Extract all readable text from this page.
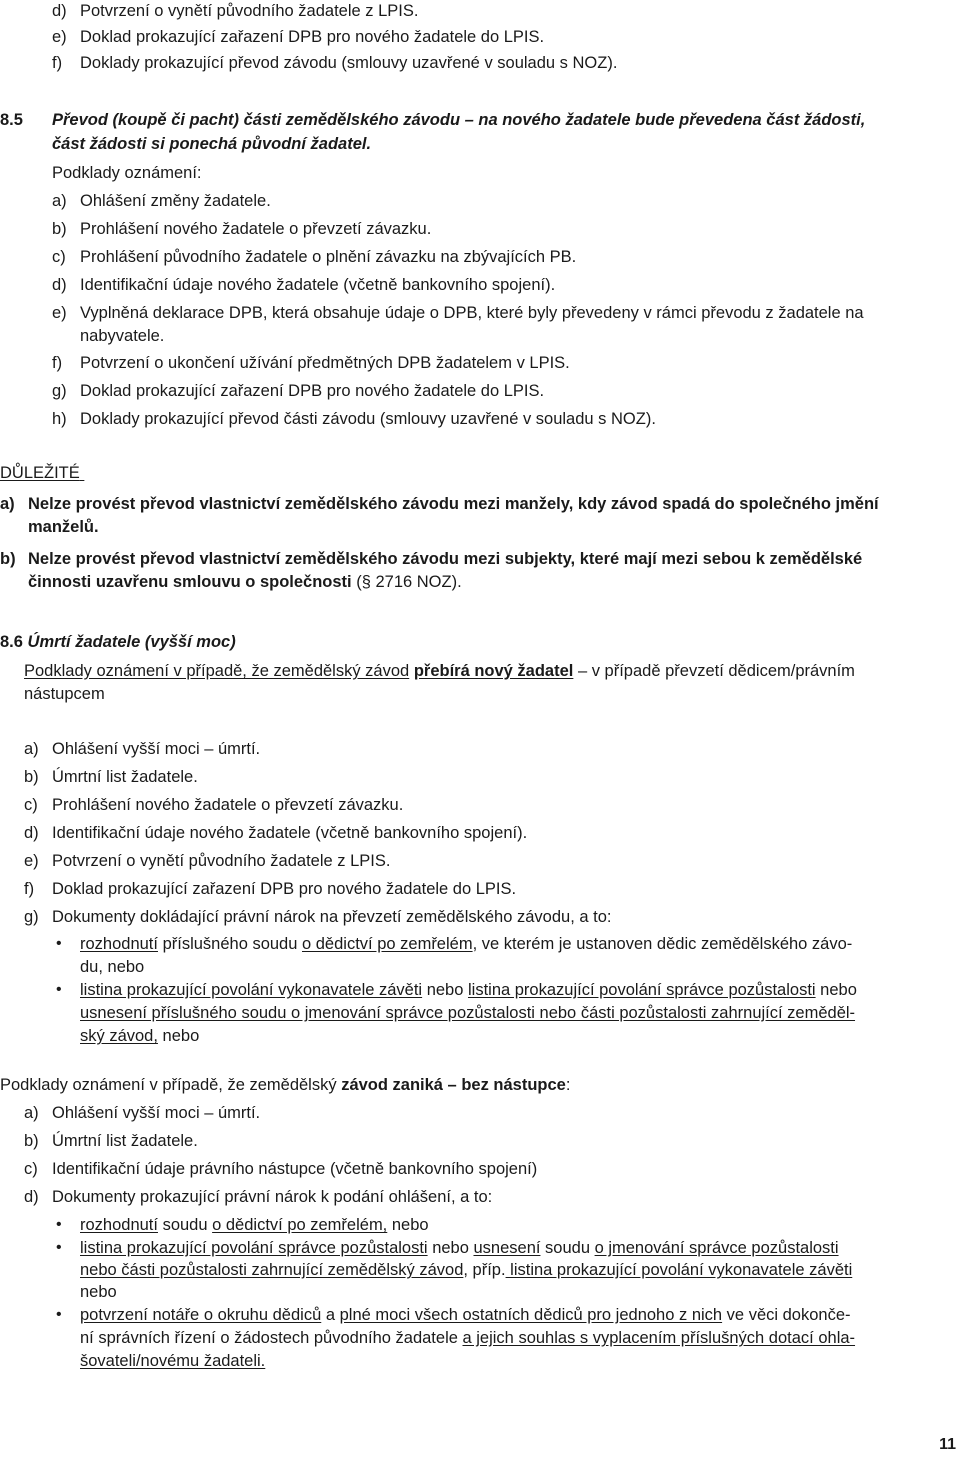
d) Potvrzení o vynětí původního žadatele z LPIS.
e) Doklad prokazující zařazení DPB pro nového žadatele do LPIS.
f) Doklady prokazující převod závodu (smlouvy uzavřené v souladu s NOZ).
8.5 Převod (koupě či pacht) části zemědělského závodu – na nového žadatele bude převedena část žádosti,
část žádosti si ponechá původní žadatel.
Podklady oznámení:
a) Ohlášení změny žadatele.
b) Prohlášení nového žadatele o převzetí závazku.
c) Prohlášení původního žadatele o plnění závazku na zbývajících PB.
d) Identifikační údaje nového žadatele (včetně bankovního spojení).
e) Vyplněná deklarace DPB, která obsahuje údaje o DPB, které byly převedeny v rámci převodu z žadatele na
nabyvatele.
f) Potvrzení o ukončení užívání předmětných DPB žadatelem v LPIS.
g) Doklad prokazující zařazení DPB pro nového žadatele do LPIS.
h) Doklady prokazující převod části závodu (smlouvy uzavřené v souladu s NOZ).
DŮLEŽITÉ
a) Nelze provést převod vlastnictví zemědělského závodu mezi manžely, kdy závod spadá do společného jmění
manželů.
b) Nelze provést převod vlastnictví zemědělského závodu mezi subjekty, které mají mezi sebou k zemědělské
činnosti uzavřenu smlouvu o společnosti (§ 2716 NOZ).
8.6 Úmrtí žadatele (vyšší moc)
Podklady oznámení v případě, že zemědělský závod přebírá nový žadatel – v případě převzetí dědicem/právním
nástupcem
a) Ohlášení vyšší moci – úmrtí.
b) Úmrtní list žadatele.
c) Prohlášení nového žadatele o převzetí závazku.
d) Identifikační údaje nového žadatele (včetně bankovního spojení).
e) Potvrzení o vynětí původního žadatele z LPIS.
f) Doklad prokazující zařazení DPB pro nového žadatele do LPIS.
g) Dokumenty dokládající právní nárok na převzetí zemědělského závodu, a to:
• rozhodnutí příslušného soudu o dědictví po zemřelém, ve kterém je ustanoven dědic zemědělského závo-
du, nebo
• listina prokazující povolání vykonavatele závěti nebo listina prokazující povolání správce pozůstalosti nebo
usnesení příslušného soudu o jmenování správce pozůstalosti nebo části pozůstalosti zahrnující zeměděl-
ský závod, nebo
Podklady oznámení v případě, že zemědělský závod zaniká – bez nástupce:
a) Ohlášení vyšší moci – úmrtí.
b) Úmrtní list žadatele.
c) Identifikační údaje právního nástupce (včetně bankovního spojení)
d) Dokumenty prokazující právní nárok k podání ohlášení, a to:
• rozhodnutí soudu o dědictví po zemřelém, nebo
• listina prokazující povolání správce pozůstalosti nebo usnesení soudu o jmenování správce pozůstalosti
nebo části pozůstalosti zahrnující zemědělský závod, příp. listina prokazující povolání vykonavatele závěti
nebo
• potvrzení notáře o okruhu dědiců a plné moci všech ostatních dědiců pro jednoho z nich ve věci dokonče-
ní správních řízení o žádostech původního žadatele a jejich souhlas s vyplacením příslušných dotací ohla-
šovateli/novému žadateli.
11
